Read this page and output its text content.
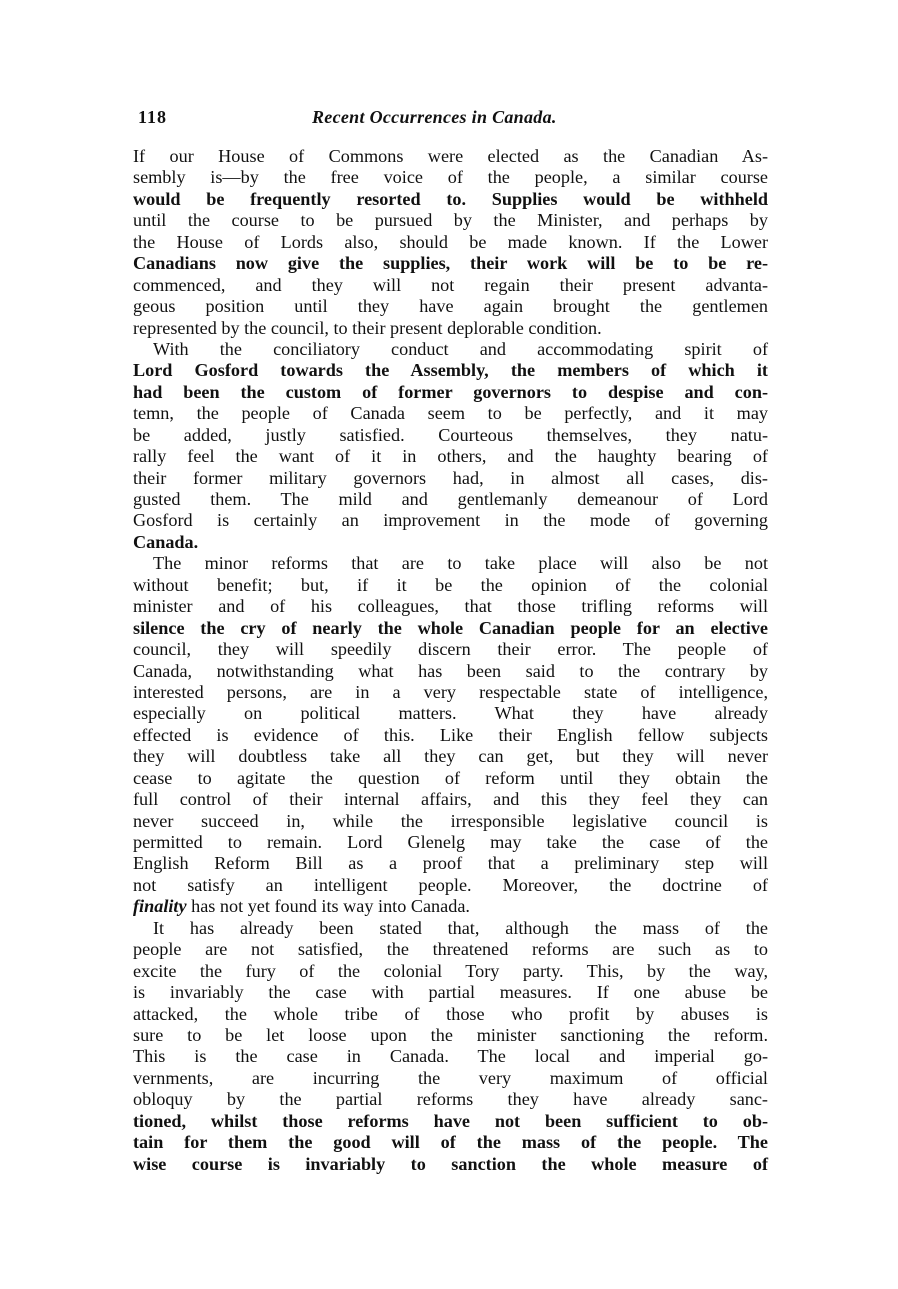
118	Recent Occurrences in Canada.
If our House of Commons were elected as the Canadian As-
sembly is—by the free voice of the people, a similar course
would be frequently resorted to. Supplies would be withheld
until the course to be pursued by the Minister, and perhaps by
the House of Lords also, should be made known. If the Lower
Canadians now give the supplies, their work will be to be re-
commenced, and they will not regain their present advanta-
geous position until they have again brought the gentlemen
represented by the council, to their present deplorable condition.
With the conciliatory conduct and accommodating spirit of
Lord Gosford towards the Assembly, the members of which it
had been the custom of former governors to despise and con-
temn, the people of Canada seem to be perfectly, and it may
be added, justly satisfied. Courteous themselves, they natu-
rally feel the want of it in others, and the haughty bearing of
their former military governors had, in almost all cases, dis-
gusted them. The mild and gentlemanly demeanour of Lord
Gosford is certainly an improvement in the mode of governing
Canada.
The minor reforms that are to take place will also be not
without benefit; but, if it be the opinion of the colonial
minister and of his colleagues, that those trifling reforms will
silence the cry of nearly the whole Canadian people for an elective
council, they will speedily discern their error. The people of
Canada, notwithstanding what has been said to the contrary by
interested persons, are in a very respectable state of intelligence,
especially on political matters. What they have already
effected is evidence of this. Like their English fellow subjects
they will doubtless take all they can get, but they will never
cease to agitate the question of reform until they obtain the
full control of their internal affairs, and this they feel they can
never succeed in, while the irresponsible legislative council is
permitted to remain. Lord Glenelg may take the case of the
English Reform Bill as a proof that a preliminary step will
not satisfy an intelligent people. Moreover, the doctrine of
finality has not yet found its way into Canada.
It has already been stated that, although the mass of the
people are not satisfied, the threatened reforms are such as to
excite the fury of the colonial Tory party. This, by the way,
is invariably the case with partial measures. If one abuse be
attacked, the whole tribe of those who profit by abuses is
sure to be let loose upon the minister sanctioning the reform.
This is the case in Canada. The local and imperial go-
vernments, are incurring the very maximum of official
obloquy by the partial reforms they have already sanc-
tioned, whilst those reforms have not been sufficient to ob-
tain for them the good will of the mass of the people. The
wise course is invariably to sanction the whole measure of
